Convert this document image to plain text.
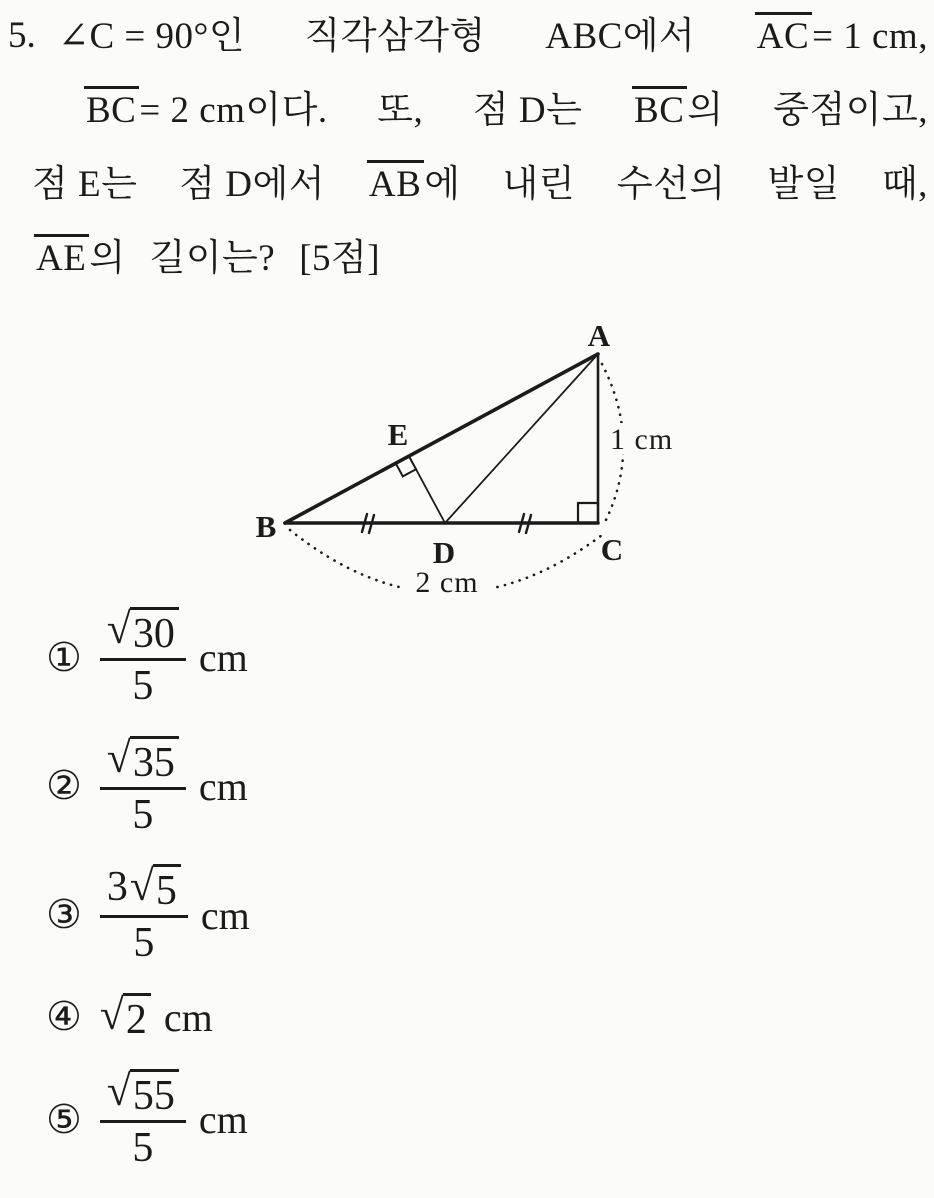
5. ∠C = 90°인 직각삼각형 ABC에서 AC= 1 cm,
BC= 2 cm이다. 또, 점 D는 BC의 중점이고,
점 E는 점 D에서 AB에 내린 수선의 발일 때,
AE의 길이는? [5점]
A
B
C
D
E	1 cm
2 cm
① $\frac{√ 30}{5}$ cm
② $\frac{√ 35}{5}$ cm
③ $\frac{3 √ 5}{5}$ cm
④ √ 2 cm
⑤ $\frac{√ 55}{5}$ cm
